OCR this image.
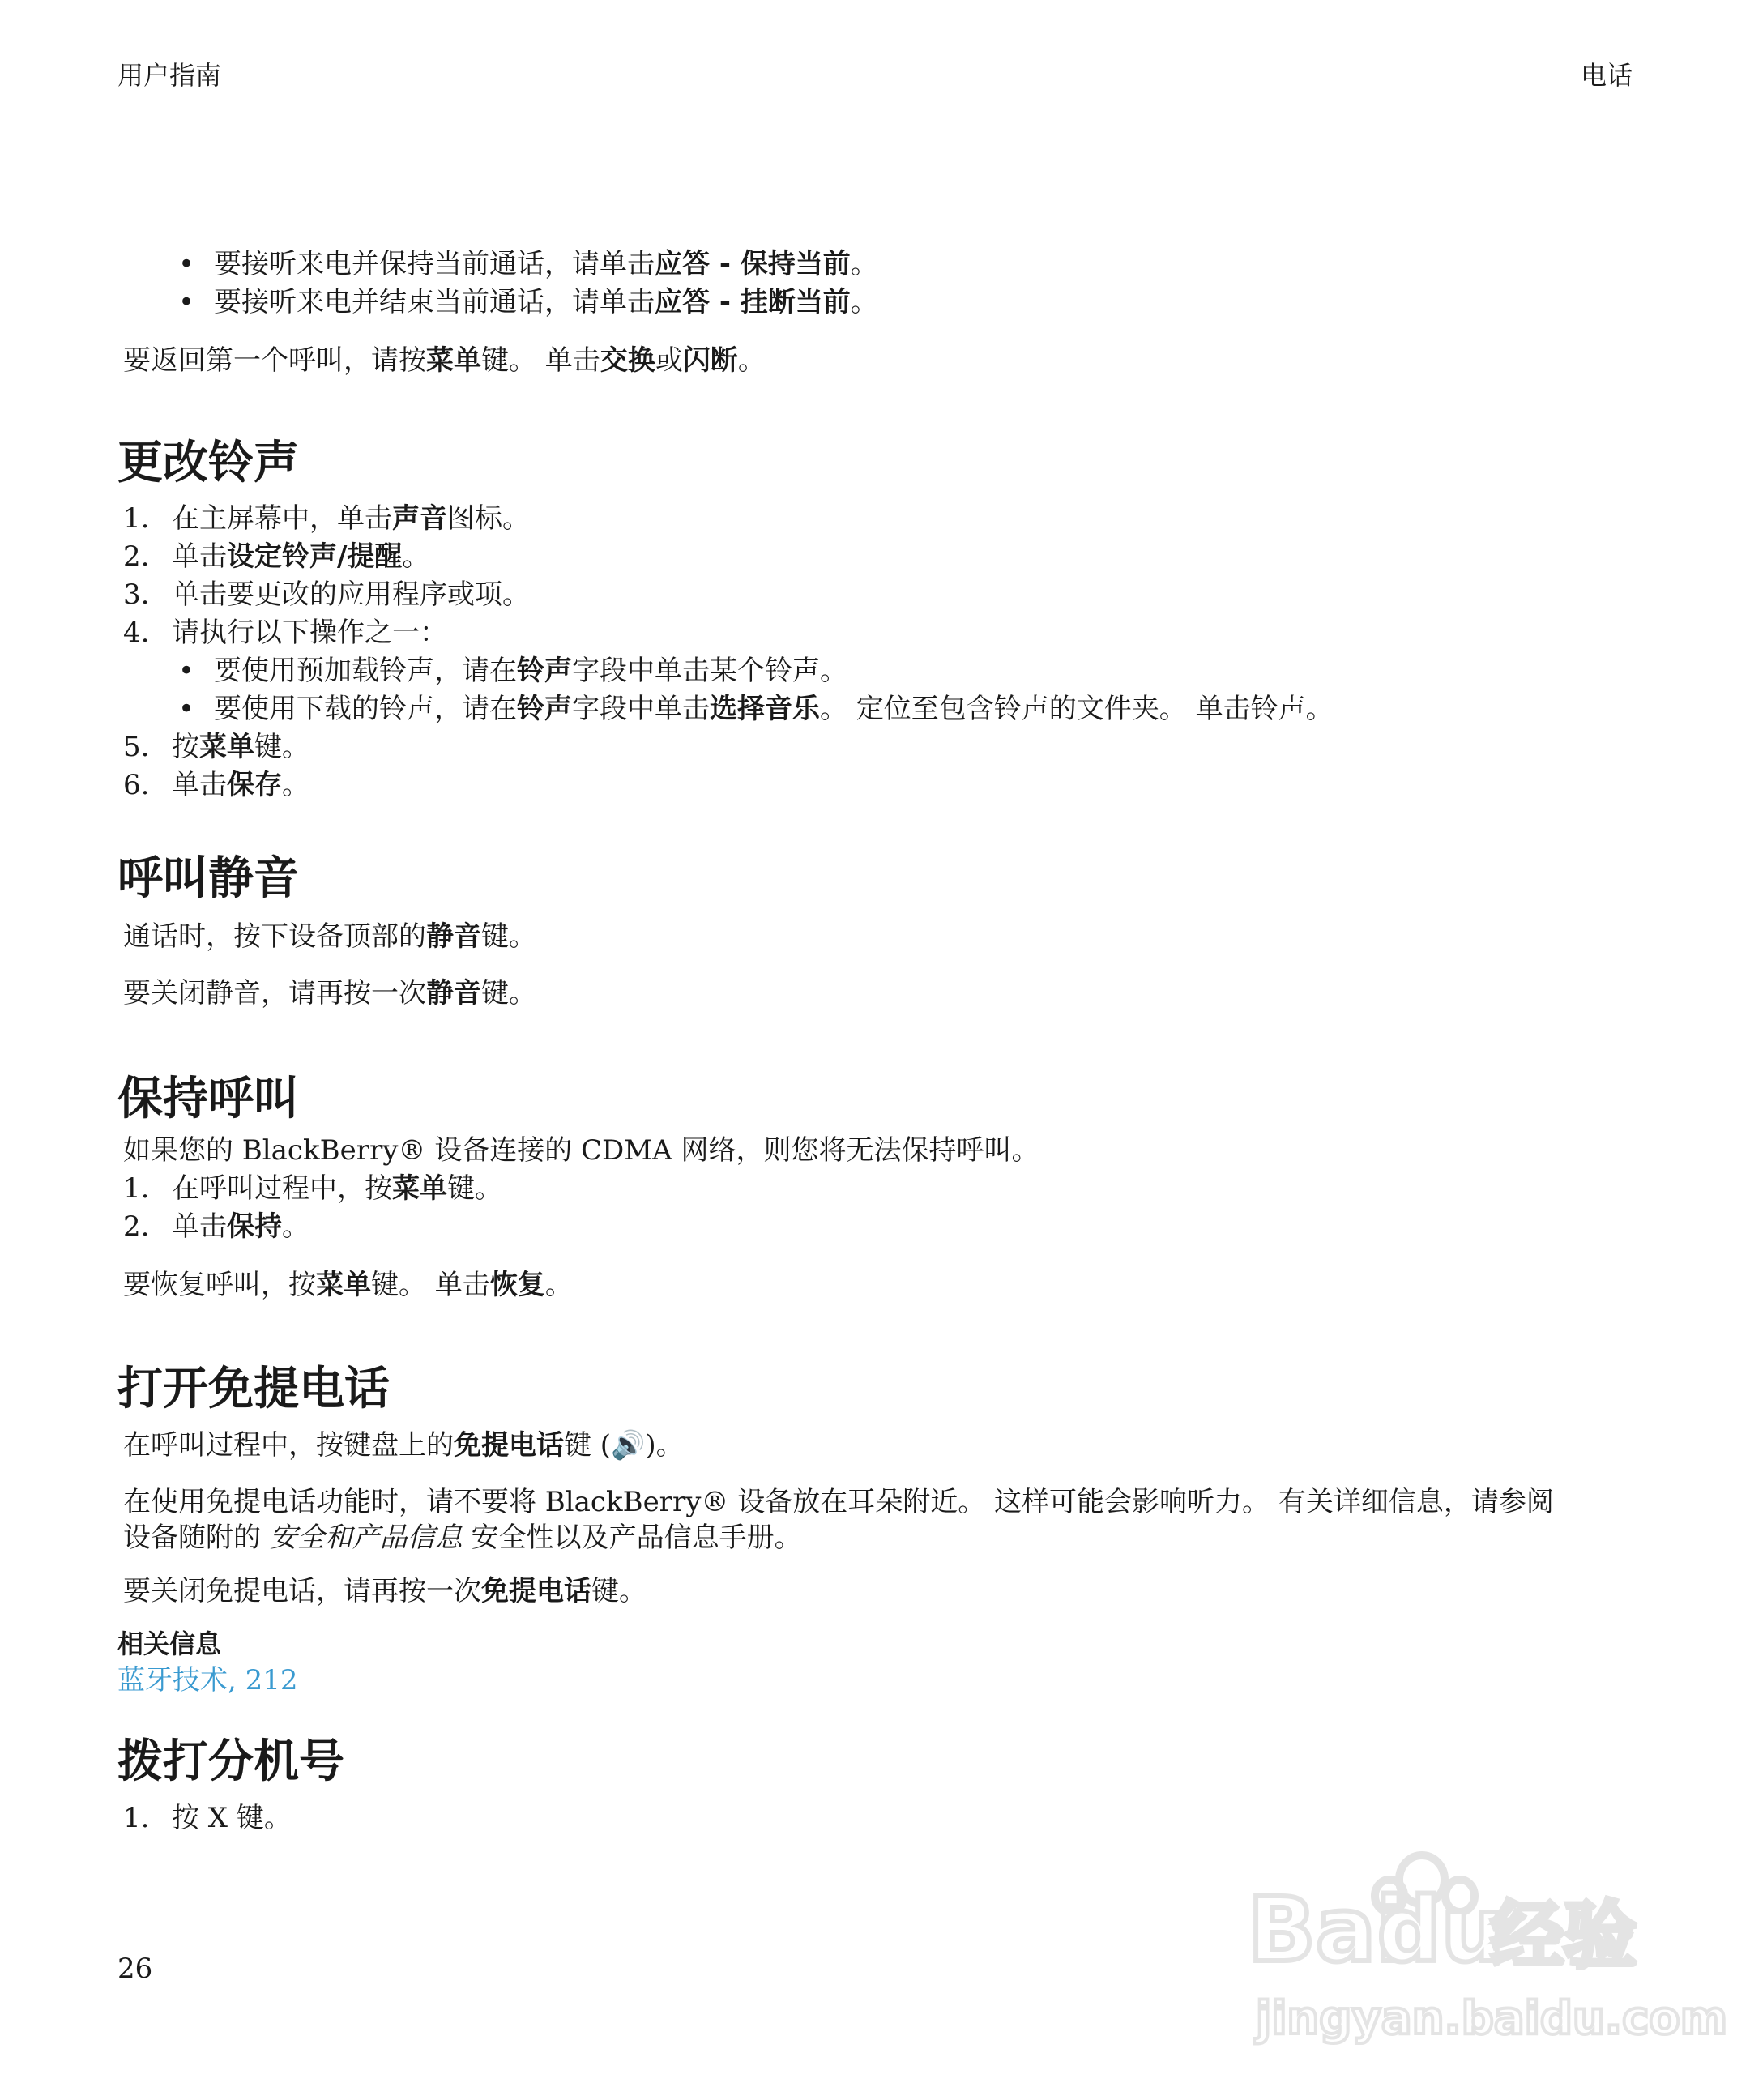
用户指南	电话
• 要接听来电并保持当前通话，请单击应答 - 保持当前。
• 要接听来电并结束当前通话，请单击应答 - 挂断当前。
要返回第一个呼叫，请按菜单键。 单击交换或闪断。
更改铃声
1. 在主屏幕中，单击声音图标。
2. 单击设定铃声/提醒。
3. 单击要更改的应用程序或项。
4. 请执行以下操作之一：
• 要使用预加载铃声，请在铃声字段中单击某个铃声。
• 要使用下载的铃声，请在铃声字段中单击选择音乐。 定位至包含铃声的文件夹。 单击铃声。
5. 按菜单键。
6. 单击保存。
呼叫静音
通话时，按下设备顶部的静音键。
要关闭静音，请再按一次静音键。
保持呼叫
如果您的 BlackBerry® 设备连接的 CDMA 网络，则您将无法保持呼叫。
1. 在呼叫过程中，按菜单键。
2. 单击保持。
要恢复呼叫，按菜单键。 单击恢复。
打开免提电话
在呼叫过程中，按键盘上的免提电话键 (🔊)。
在使用免提电话功能时，请不要将 BlackBerry® 设备放在耳朵附近。 这样可能会影响听力。 有关详细信息，请参阅
设备随附的 安全和产品信息 安全性以及产品信息手册。
要关闭免提电话，请再按一次免提电话键。
相关信息
蓝牙技术, 212
拨打分机号
1. 按 X 键。
26	Bai
du
经验
jingyan.baidu.com
